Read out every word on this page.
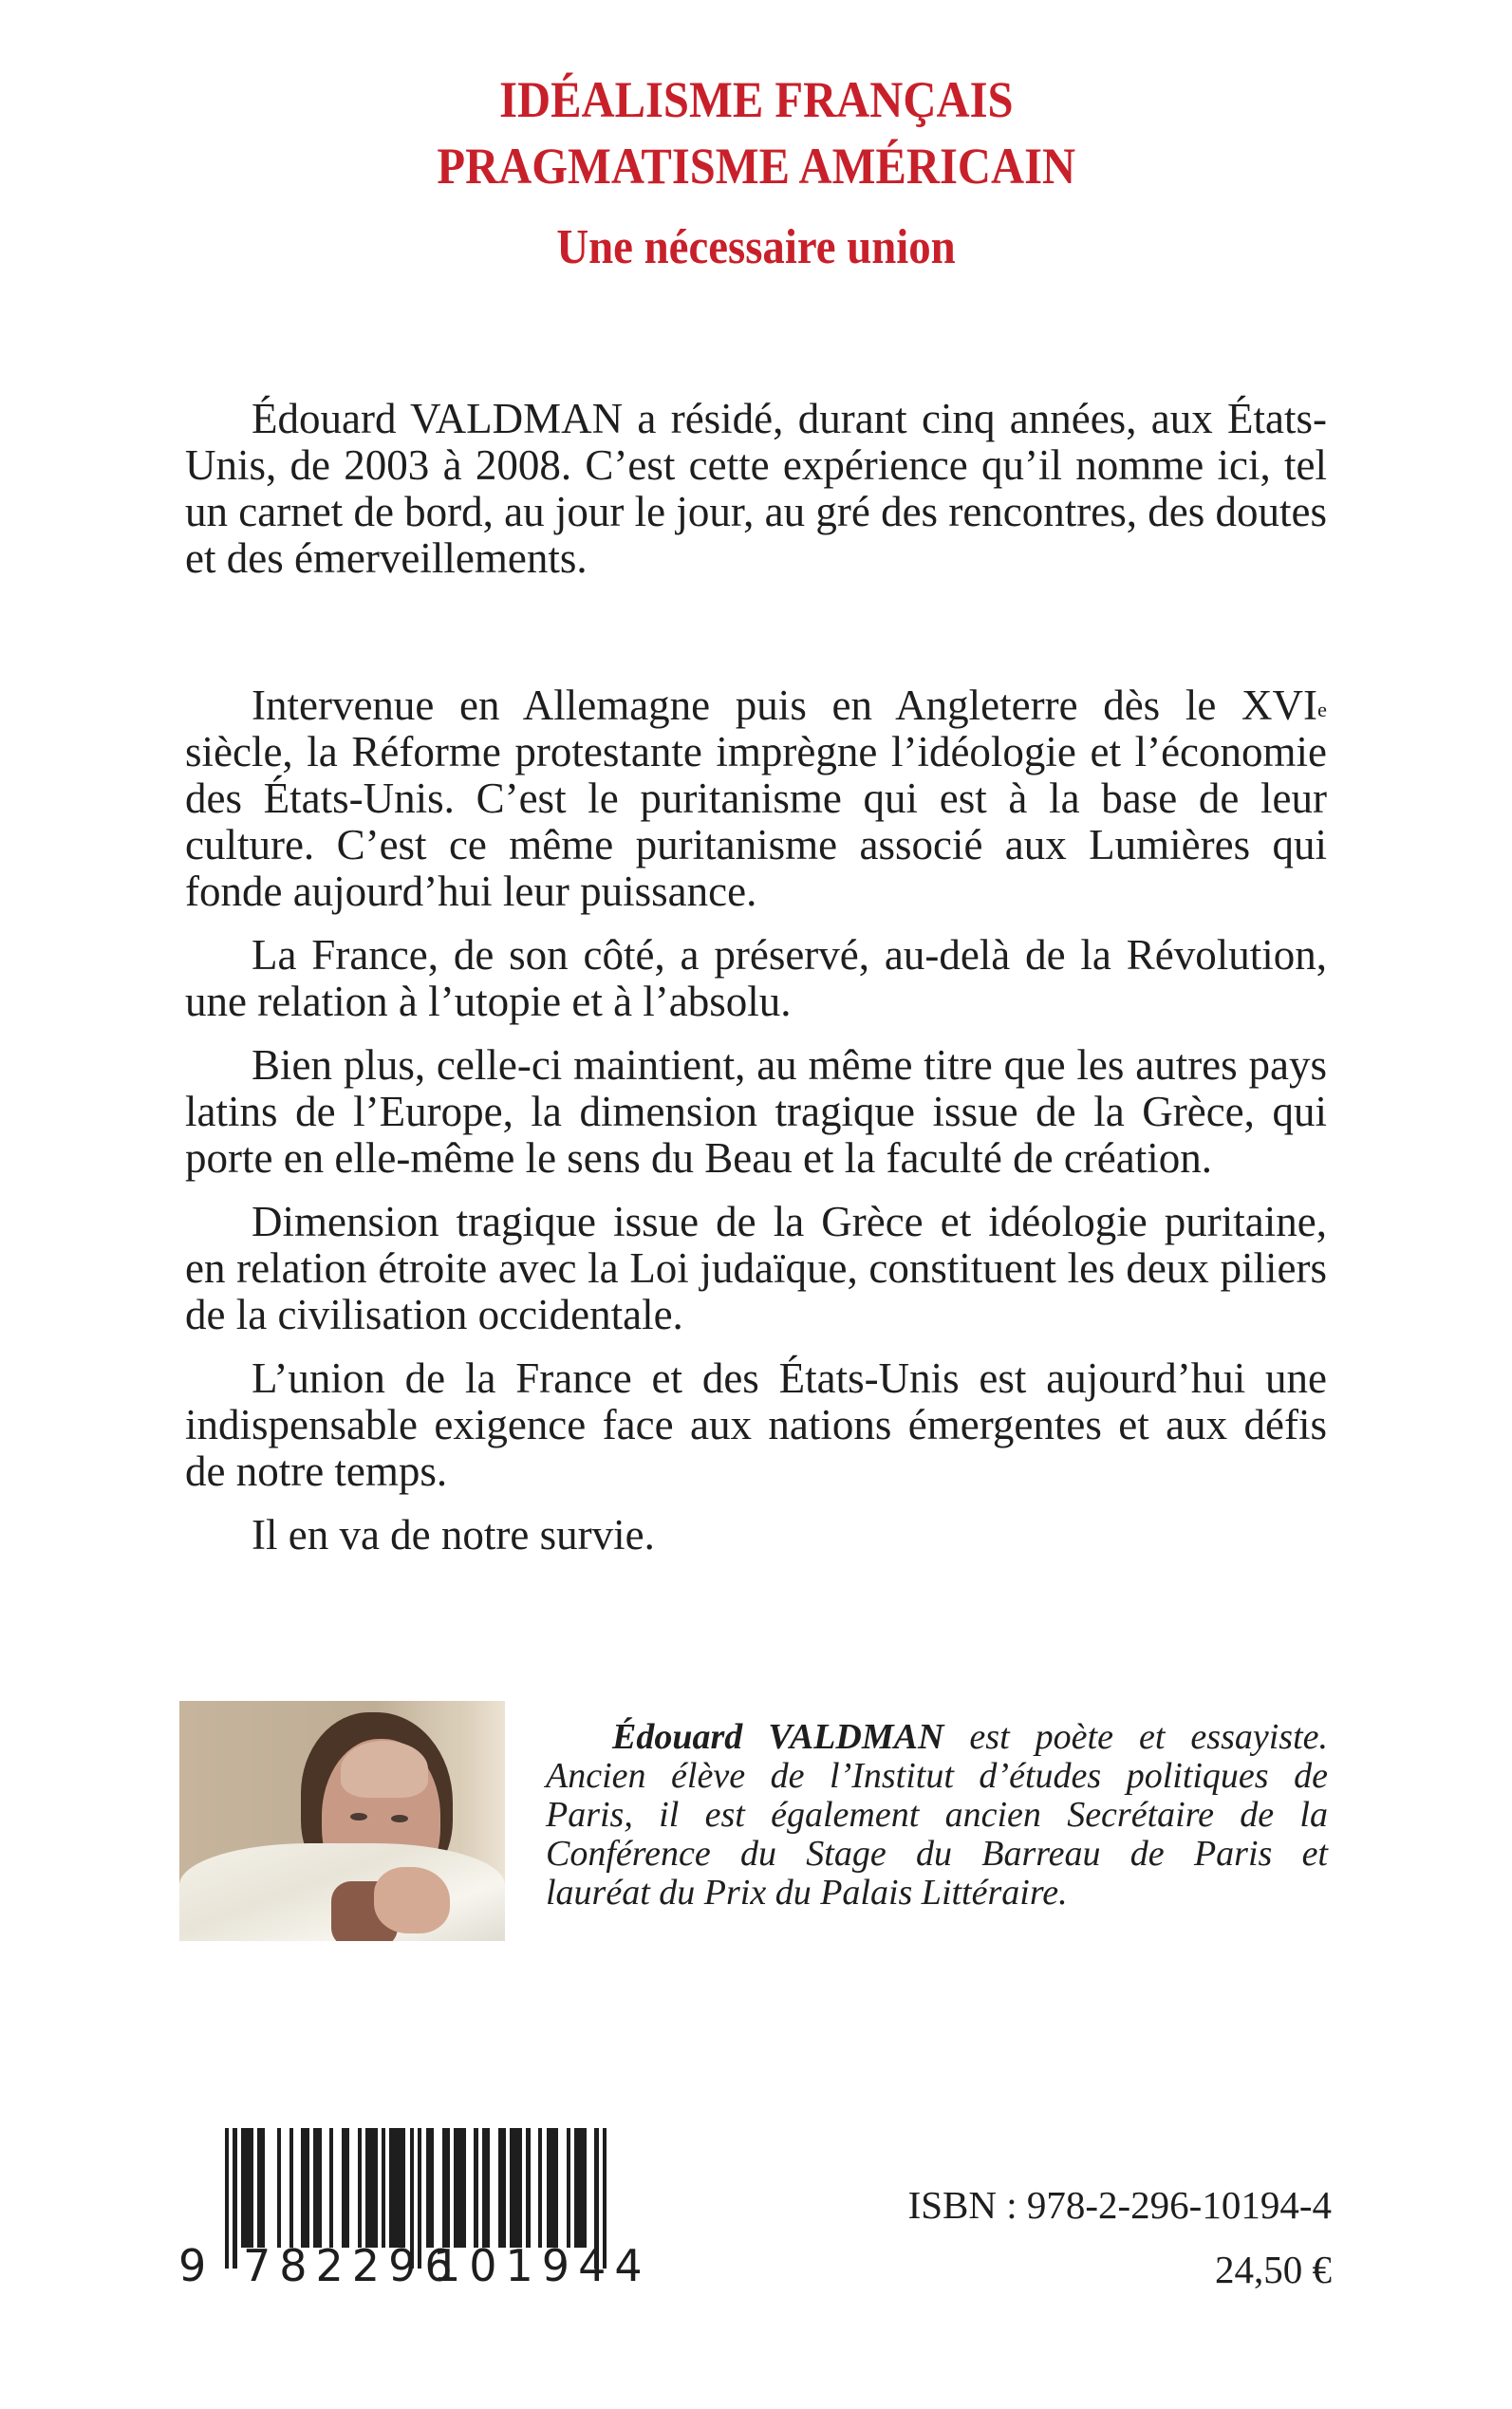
IDÉALISME FRANÇAIS
PRAGMATISME AMÉRICAIN
Une nécessaire union
Édouard VALDMAN a résidé, durant cinq années, aux États-
Unis, de 2003 à 2008. C’est cette expérience qu’il nomme ici, tel
un carnet de bord, au jour le jour, au gré des rencontres, des doutes
et des émerveillements.
Intervenue en Allemagne puis en Angleterre dès le XVIe
siècle, la Réforme protestante imprègne l’idéologie et l’économie
des États-Unis. C’est le puritanisme qui est à la base de leur
culture. C’est ce même puritanisme associé aux Lumières qui
fonde aujourd’hui leur puissance.
La France, de son côté, a préservé, au-delà de la Révolution,
une relation à l’utopie et à l’absolu.
Bien plus, celle-ci maintient, au même titre que les autres pays
latins de l’Europe, la dimension tragique issue de la Grèce, qui
porte en elle-même le sens du Beau et la faculté de création.
Dimension tragique issue de la Grèce et idéologie puritaine,
en relation étroite avec la Loi judaïque, constituent les deux piliers
de la civilisation occidentale.
L’union de la France et des États-Unis est aujourd’hui une
indispensable exigence face aux nations émergentes et aux défis
de notre temps.
Il en va de notre survie.
Édouard VALDMAN est poète et essayiste.
Ancien élève de l’Institut d’études politiques de
Paris, il est également ancien Secrétaire de la
Conférence du Stage du Barreau de Paris et
lauréat du Prix du Palais Littéraire.
9 782296
101944
ISBN : 978-2-296-10194-4
24,50 €
